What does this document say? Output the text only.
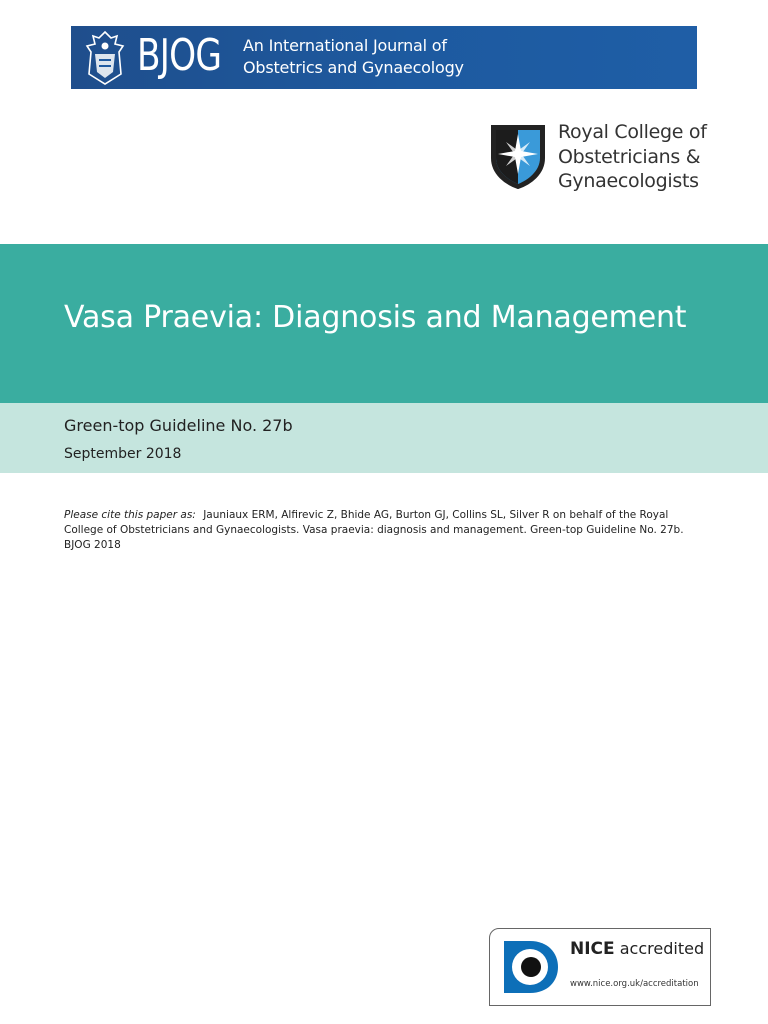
BJOG An International Journal of
Obstetrics and Gynaecology
Royal College of
Obstetricians &
Gynaecologists
Vasa Praevia: Diagnosis and Management
Green-top Guideline No. 27b
September 2018
Please cite this paper as: Jauniaux ERM, Alfirevic Z, Bhide AG, Burton GJ, Collins SL, Silver R on behalf of the Royal College of Obstetricians and Gynaecologists. Vasa praevia: diagnosis and management. Green-top Guideline No. 27b. BJOG 2018
NICE accredited
www.nice.org.uk/accreditation
